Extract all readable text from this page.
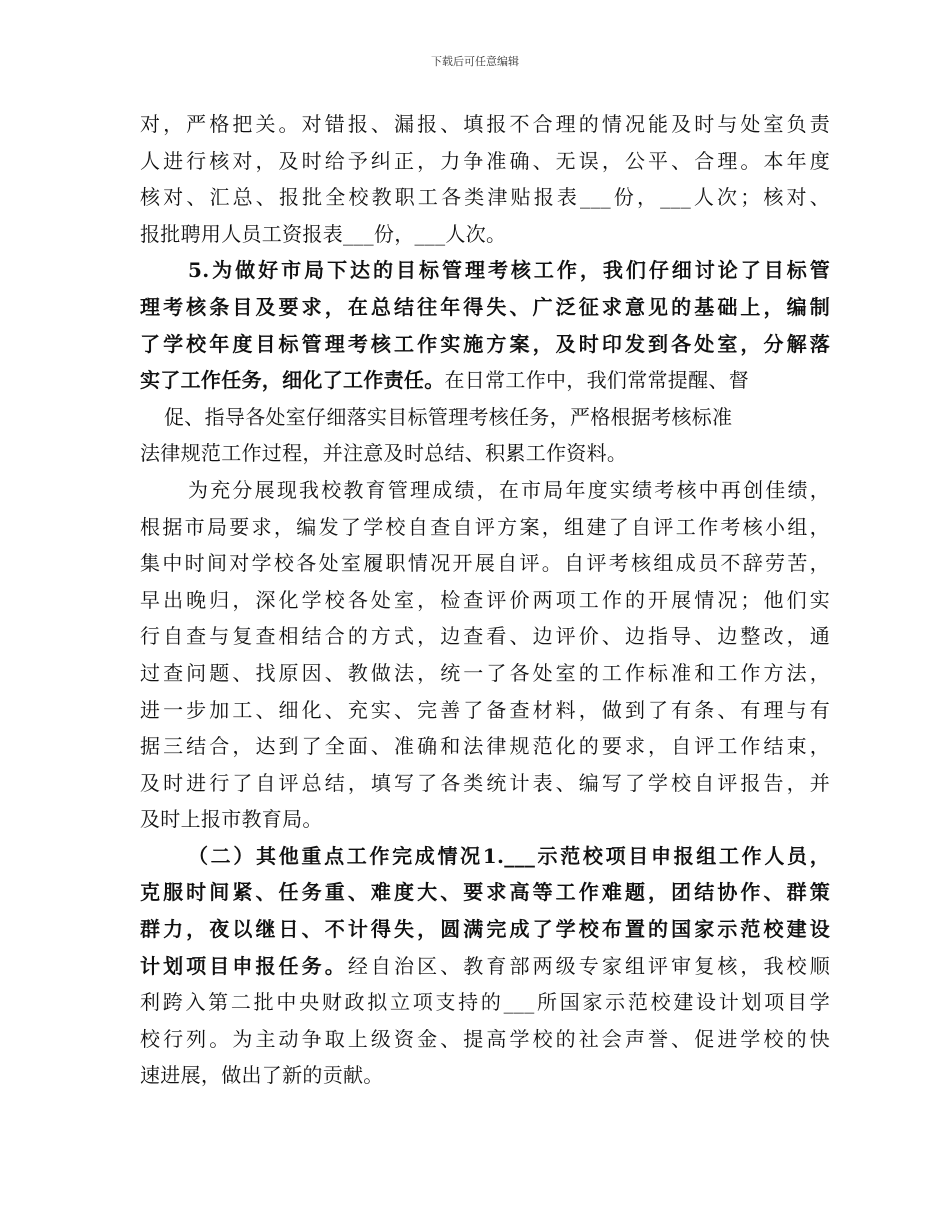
下载后可任意编辑
对，严格把关。对错报、漏报、填报不合理的情况能及时与处室负责
人进行核对，及时给予纠正，力争准确、无误，公平、合理。本年度
核对、汇总、报批全校教职工各类津贴报表___份，___人次；核对、
报批聘用人员工资报表___份，___人次。
5.为做好市局下达的目标管理考核工作，我们仔细讨论了目标管
理考核条目及要求，在总结往年得失、广泛征求意见的基础上，编制
了学校年度目标管理考核工作实施方案，及时印发到各处室，分解落
实了工作任务，细化了工作责任。在日常工作中，我们常常提醒、督
促、指导各处室仔细落实目标管理考核任务，严格根据考核标准
法律规范工作过程，并注意及时总结、积累工作资料。
为充分展现我校教育管理成绩，在市局年度实绩考核中再创佳绩，
根据市局要求，编发了学校自查自评方案，组建了自评工作考核小组，
集中时间对学校各处室履职情况开展自评。自评考核组成员不辞劳苦，
早出晚归，深化学校各处室，检查评价两项工作的开展情况；他们实
行自查与复查相结合的方式，边查看、边评价、边指导、边整改，通
过查问题、找原因、教做法，统一了各处室的工作标准和工作方法，
进一步加工、细化、充实、完善了备查材料，做到了有条、有理与有
据三结合，达到了全面、准确和法律规范化的要求，自评工作结束，
及时进行了自评总结，填写了各类统计表、编写了学校自评报告，并
及时上报市教育局。
（二）其他重点工作完成情况1.___示范校项目申报组工作人员，
克服时间紧、任务重、难度大、要求高等工作难题，团结协作、群策
群力，夜以继日、不计得失，圆满完成了学校布置的国家示范校建设
计划项目申报任务。经自治区、教育部两级专家组评审复核，我校顺
利跨入第二批中央财政拟立项支持的___所国家示范校建设计划项目学
校行列。为主动争取上级资金、提高学校的社会声誉、促进学校的快
速进展，做出了新的贡献。
